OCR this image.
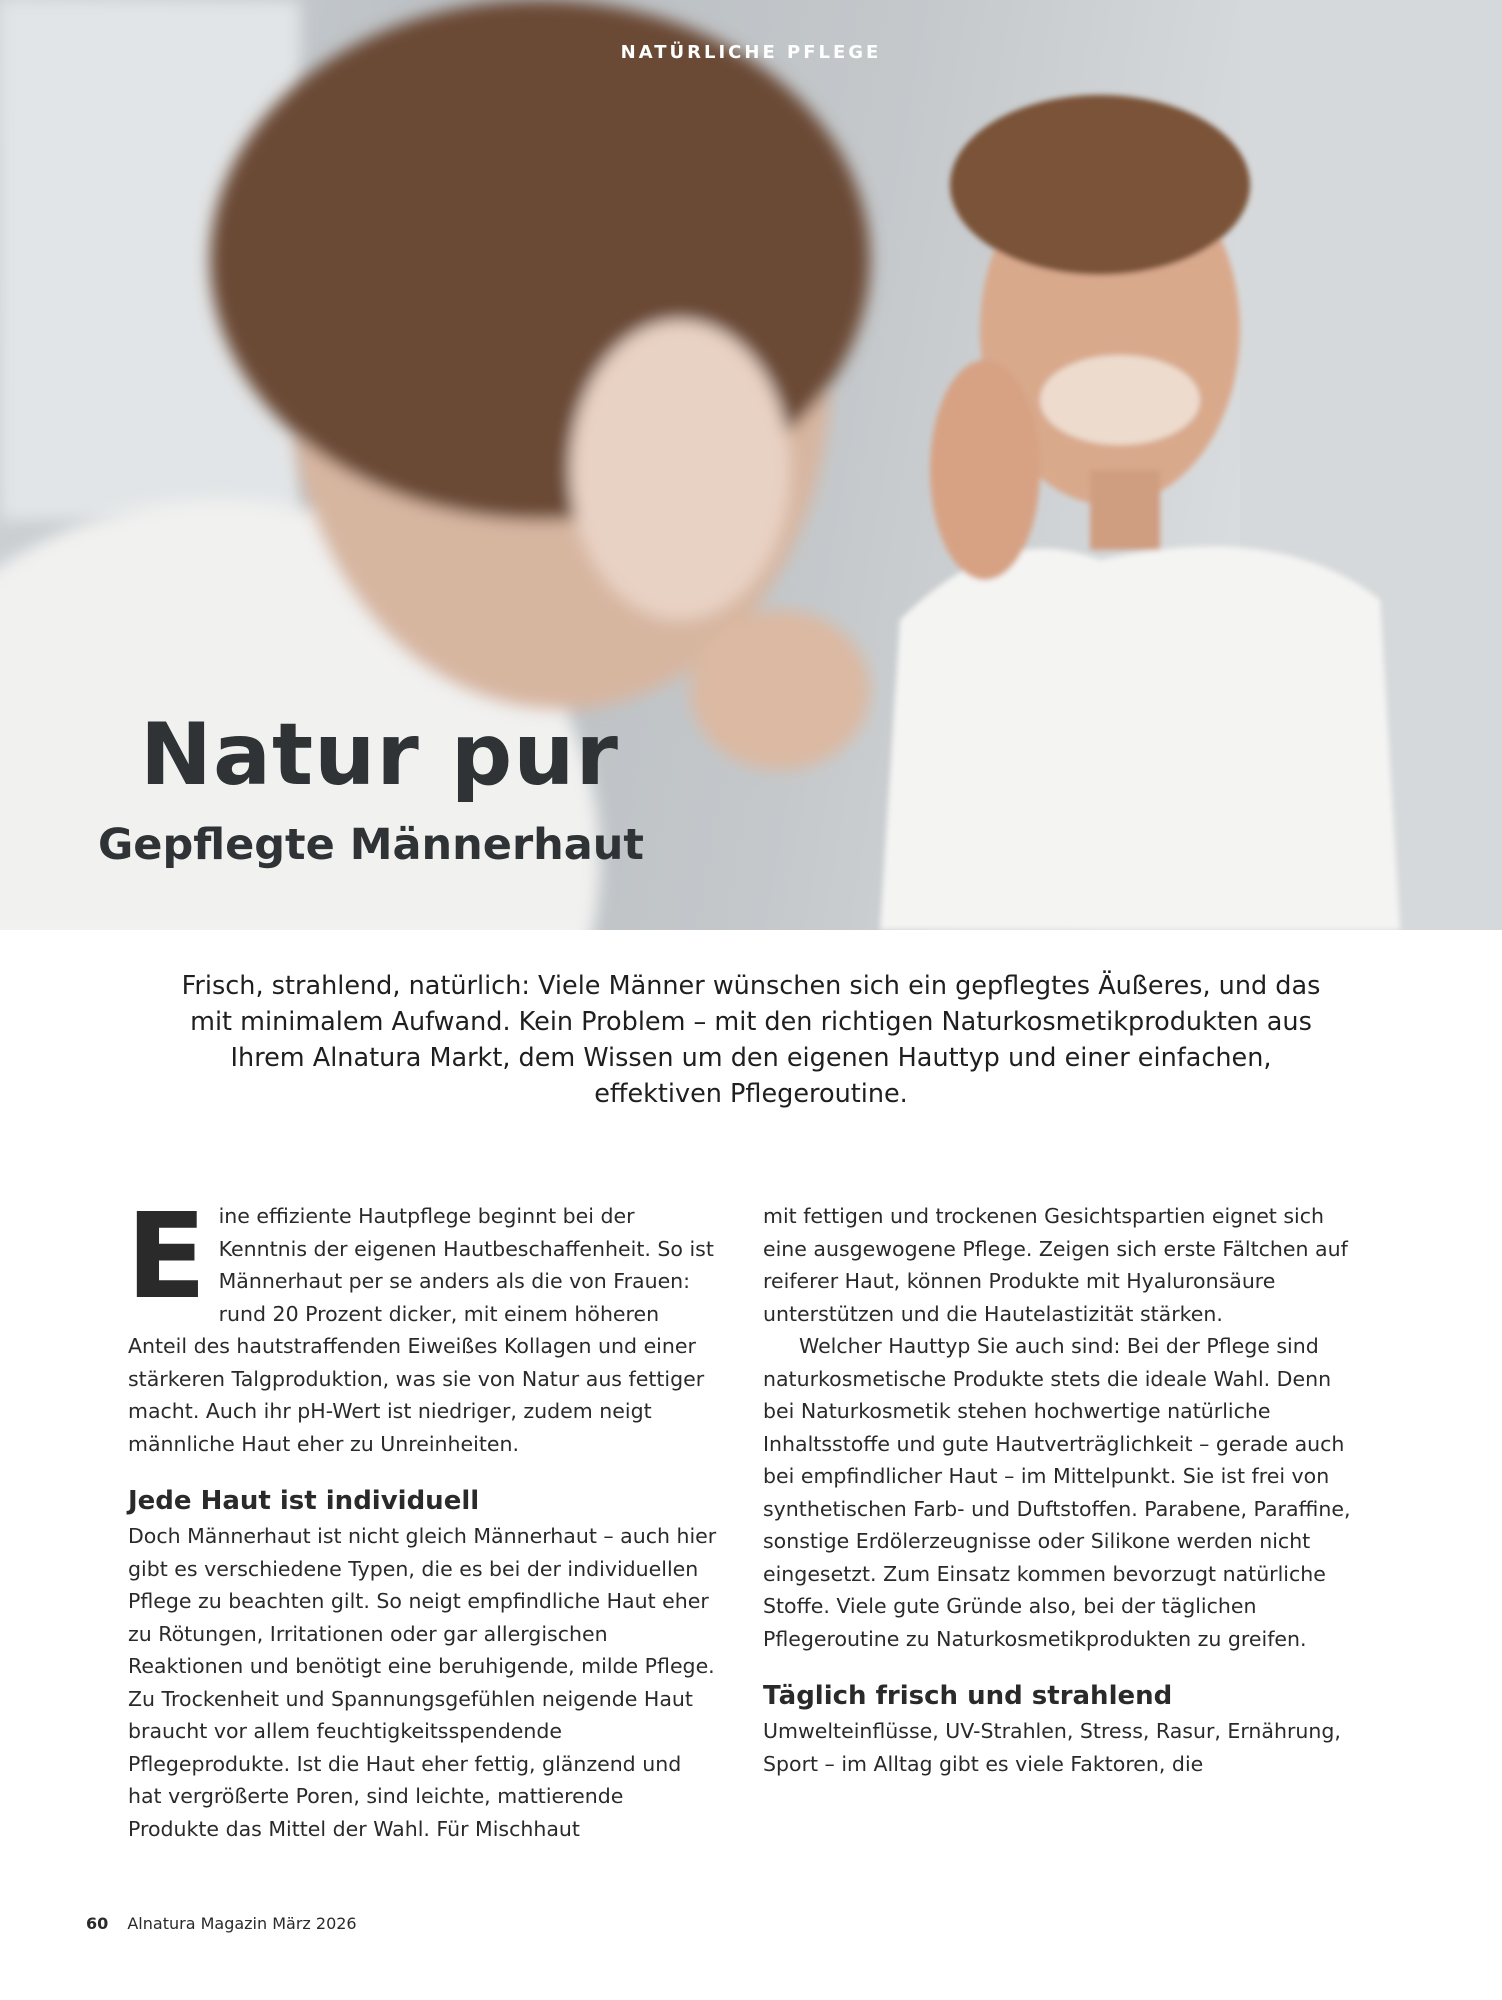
NATÜRLICHE PFLEGE
Natur pur
Gepflegte Männerhaut

Frisch, strahlend, natürlich: Viele Männer wünschen sich ein gepflegtes Äußeres, und das mit minimalem Aufwand. Kein Problem – mit den richtigen Naturkosmetikprodukten aus Ihrem Alnatura Markt, dem Wissen um den eigenen Hauttyp und einer einfachen, effektiven Pflegeroutine.

E ine effiziente Hautpflege beginnt bei der Kenntnis der eigenen Hautbeschaffenheit. So ist Männerhaut per se anders als die von Frauen: rund 20 Prozent dicker, mit einem höheren Anteil des hautstraffenden Eiweißes Kollagen und einer stärkeren Talgproduktion, was sie von Natur aus fettiger macht. Auch ihr pH-Wert ist niedriger, zudem neigt männliche Haut eher zu Unreinheiten.

Jede Haut ist individuell

Doch Männerhaut ist nicht gleich Männerhaut – auch hier gibt es verschiedene Typen, die es bei der individuellen Pflege zu beachten gilt. So neigt empfindliche Haut eher zu Rötungen, Irritationen oder gar allergischen Reaktionen und benötigt eine beruhigende, milde Pflege. Zu Trockenheit und Spannungsgefühlen neigende Haut braucht vor allem feuchtigkeitsspendende Pflegeprodukte. Ist die Haut eher fettig, glänzend und hat vergrößerte Poren, sind leichte, mattierende Produkte das Mittel der Wahl. Für Mischhaut

mit fettigen und trockenen Gesichtspartien eignet sich eine ausgewogene Pflege. Zeigen sich erste Fältchen auf reiferer Haut, können Produkte mit Hyaluronsäure unterstützen und die Hautelastizität stärken.

Welcher Hauttyp Sie auch sind: Bei der Pflege sind naturkosmetische Produkte stets die ideale Wahl. Denn bei Naturkosmetik stehen hochwertige natürliche Inhaltsstoffe und gute Hautverträglichkeit – gerade auch bei empfindlicher Haut – im Mittelpunkt. Sie ist frei von synthetischen Farb- und Duftstoffen. Parabene, Paraffine, sonstige Erdölerzeugnisse oder Silikone werden nicht eingesetzt. Zum Einsatz kommen bevorzugt natürliche Stoffe. Viele gute Gründe also, bei der täglichen Pflegeroutine zu Naturkosmetikprodukten zu greifen.

Täglich frisch und strahlend

Umwelteinflüsse, UV-Strahlen, Stress, Rasur, Ernährung, Sport – im Alltag gibt es viele Faktoren, die

60 Alnatura Magazin März 2026
